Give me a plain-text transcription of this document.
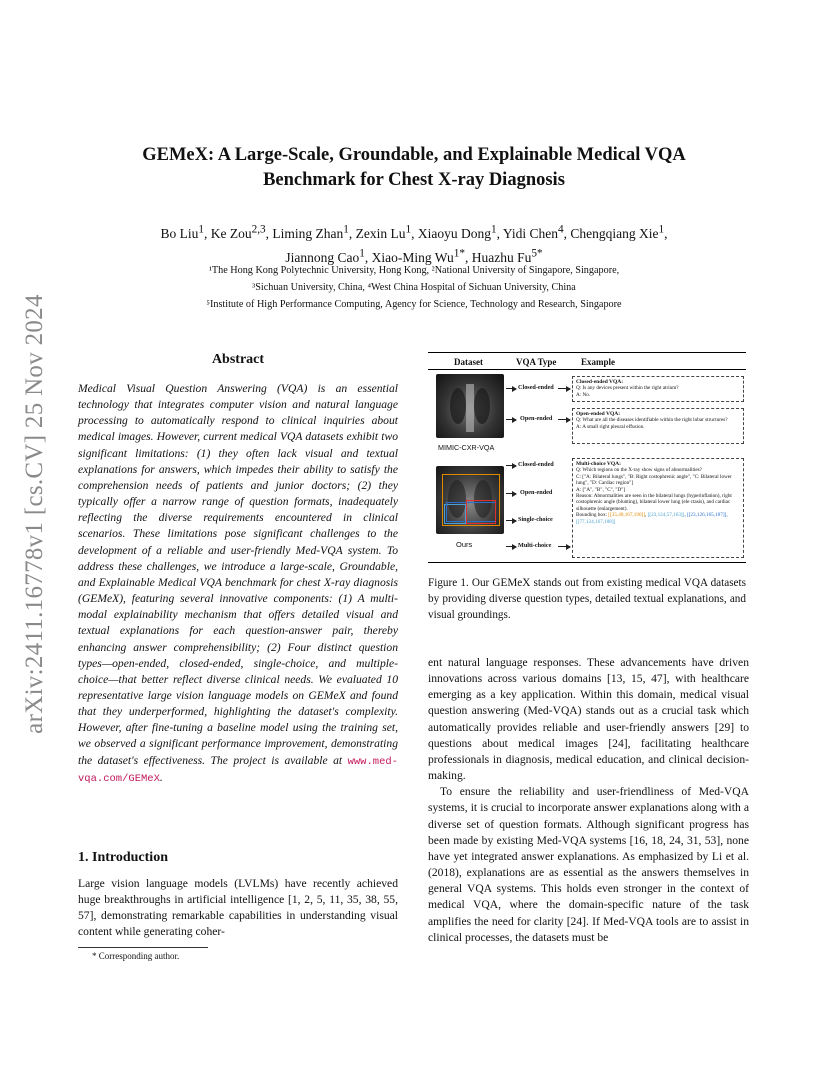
arXiv:2411.16778v1 [cs.CV] 25 Nov 2024
GEMeX: A Large-Scale, Groundable, and Explainable Medical VQA
Benchmark for Chest X-ray Diagnosis
Bo Liu$^1$, Ke Zou$^{2,3}$, Liming Zhan$^1$, Zexin Lu$^1$, Xiaoyu Dong$^1$, Yidi Chen$^4$, Chengqiang Xie$^1$,
Jiannong Cao$^1$, Xiao-Ming $Wu^{1*}$, Huazhu $Fu^{5*}$
¹The Hong Kong Polytechnic University, Hong Kong, ²National University of Singapore, Singapore,
³Sichuan University, China, ⁴West China Hospital of Sichuan University, China
⁵Institute of High Performance Computing, Agency for Science, Technology and Research, Singapore
Abstract
Medical Visual Question Answering (VQA) is an essential technology that integrates computer vision and natural language processing to automatically respond to clinical inquiries about medical images. However, current medical VQA datasets exhibit two significant limitations: (1) they often lack visual and textual explanations for answers, which impedes their ability to satisfy the comprehension needs of patients and junior doctors; (2) they typically offer a narrow range of question formats, inadequately reflecting the diverse requirements encountered in clinical scenarios. These limitations pose significant challenges to the development of a reliable and user-friendly Med-VQA system. To address these challenges, we introduce a large-scale, Groundable, and Explainable Medical VQA benchmark for chest X-ray diagnosis (GEMeX), featuring several innovative components: (1) A multi-modal explainability mechanism that offers detailed visual and textual explanations for each question-answer pair, thereby enhancing answer comprehensibility; (2) Four distinct question types—open-ended, closed-ended, single-choice, and multiple-choice—that better reflect diverse clinical needs. We evaluated 10 representative large vision language models on GEMeX and found that they underperformed, highlighting the dataset's complexity. However, after fine-tuning a baseline model using the training set, we observed a significant performance improvement, demonstrating the dataset's effectiveness. The project is available at www.med-vqa.com/GEMeX.
1. Introduction
Large vision language models (LVLMs) have recently achieved huge breakthroughs in artificial intelligence [1, 2, 5, 11, 35, 38, 55, 57], demonstrating remarkable capabilities in understanding visual content while generating coher-
* Corresponding author.
Dataset	VQA Type	Example
MIMIC-CXR-VQA
Ours
Closed-ended
Open-ended
Closed-ended
Open-ended
Single-choice
Multi-choice
Closed-ended VQA:
Q: Is any devices present within the right atrium?
A: No.
Open-ended VQA:
Q: What are all the diseases identifiable within the right lobar structures?
A: A small right pleural effusion.
Multi-choice VQA:
Q: Which regions on the X-ray show signs of abnormalities?
C: ["A: Bilateral lungs", "B: Right costophrenic angle", "C: Bilateral lower lung", "D: Cardiac region"]
A: ["A", "B", "C", "D"]
Reason: Abnormalities are seen in the bilateral lungs (hyperinflation), right costophrenic angle (blunting), bilateral lower lung (ele ctasis), and cardiac silhouette (enlargement).
Bounding box: [[35,48,167,196]], [[23,124,57,163]], [[23,126,165,187]], [[77,124,167,188]]
Figure 1. Our GEMeX stands out from existing medical VQA datasets by providing diverse question types, detailed textual explanations, and visual groundings.

ent natural language responses. These advancements have driven innovations across various domains [13, 15, 47], with healthcare emerging as a key application. Within this domain, medical visual question answering (Med-VQA) stands out as a crucial task which automatically provides reliable and user-friendly answers [29] to questions about medical images [24], facilitating healthcare professionals in diagnosis, medical education, and clinical decision-making.

To ensure the reliability and user-friendliness of Med-VQA systems, it is crucial to incorporate answer explanations along with a diverse set of question formats. Although significant progress has been made by existing Med-VQA systems [16, 18, 24, 31, 53], none have yet integrated answer explanations. As emphasized by Li et al. (2018), explanations are as essential as the answers themselves in general VQA systems. This holds even stronger in the context of medical VQA, where the domain-specific nature of the task amplifies the need for clarity [24]. If Med-VQA tools are to assist in clinical processes, the datasets must be
